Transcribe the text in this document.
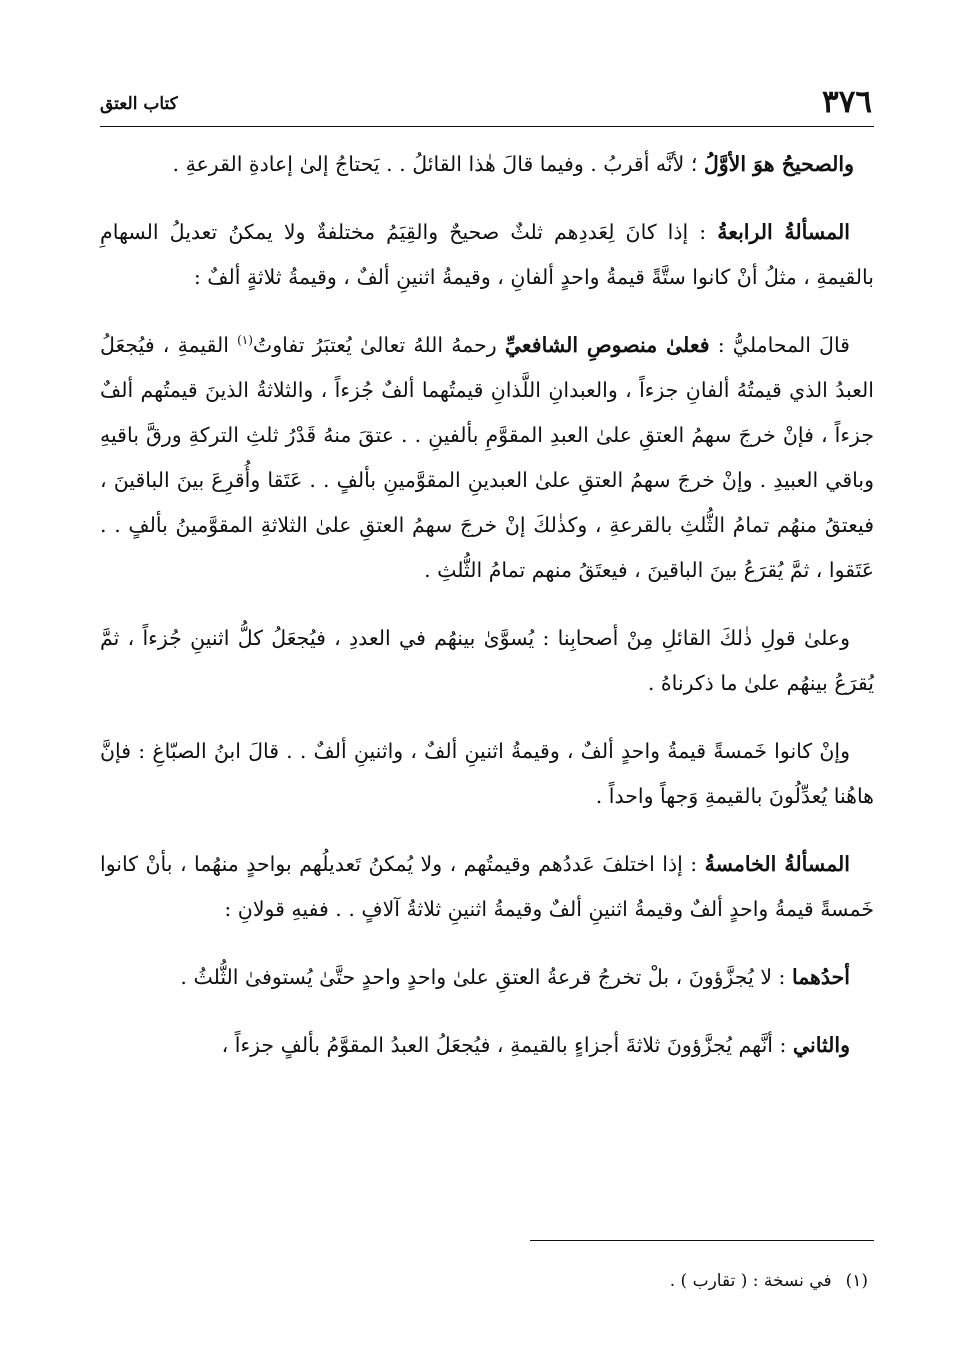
٣٧٦
كتاب العتق

والصحيحُ هوَ الأوَّلُ ؛ لأنَّه أقربُ . وفيما قالَ هٰذا القائلُ . . يَحتاجُ إلىٰ إعادةِ القرعةِ .

المسألةُ الرابعةُ : إذا كانَ لِعَددِهم ثلثٌ صحيحٌ والقِيَمُ مختلفةٌ ولا يمكنُ تعديلُ السهامِ بالقيمةِ ، مثلُ أنْ كانوا ستَّةً قيمةُ واحدٍ ألفانِ ، وقيمةُ اثنينِ ألفٌ ، وقيمةُ ثلاثةٍ ألفٌ :

قالَ المحامليُّ : فعلىٰ منصوصِ الشافعيِّ رحمهُ اللهُ تعالىٰ يُعتبَرُ تفاوتُ$^{(١)}$ القيمةِ ، فيُجعَلُ العبدُ الذي قيمتُهُ ألفانِ جزءاً ، والعبدانِ اللَّذانِ قيمتُهما ألفٌ جُزءاً ، والثلاثةُ الذينَ قيمتُهم ألفٌ جزءاً ، فإنْ خرجَ سهمُ العتقِ علىٰ العبدِ المقوَّمِ بألفينِ . . عتقَ منهُ قَدْرُ ثلثِ التركةِ ورقَّ باقيهِ وباقي العبيدِ . وإنْ خرجَ سهمُ العتقِ علىٰ العبدينِ المقوَّمينِ بألفٍ . . عَتَقا وأُقرِعَ بينَ الباقينَ ، فيعتقُ منهُم تمامُ الثُّلثِ بالقرعةِ ، وكذٰلكَ إنْ خرجَ سهمُ العتقِ علىٰ الثلاثةِ المقوَّمينُ بألفٍ . . عَتَقوا ، ثمَّ يُقرَعُ بينَ الباقينَ ، فيعتَقُ منهم تمامُ الثُّلثِ .

وعلىٰ قولِ ذٰلكَ القائلِ مِنْ أصحابِنا : يُسوَّىٰ بينهُم في العددِ ، فيُجعَلُ كلُّ اثنينِ جُزءاً ، ثمَّ يُقرَعُ بينهُم علىٰ ما ذكرناهُ .

وإنْ كانوا خَمسةً قيمةُ واحدٍ ألفٌ ، وقيمةُ اثنينِ ألفٌ ، واثنينِ ألفٌ . . قالَ ابنُ الصبّاغِ : فإنَّ هاهُنا يُعدِّلُونَ بالقيمةِ وَجهاً واحداً .

المسألةُ الخامسةُ : إذا اختلفَ عَددُهم وقيمتُهم ، ولا يُمكنُ تَعديلُهم بواحدٍ منهُما ، بأنْ كانوا خَمسةً قيمةُ واحدٍ ألفٌ وقيمةُ اثنينِ ألفٌ وقيمةُ اثنينِ ثلاثةُ آلافٍ . . ففيهِ قولانِ :

أحدُهما : لا يُجزَّؤونَ ، بلْ تخرجُ قرعةُ العتقِ علىٰ واحدٍ واحدٍ حتَّىٰ يُستوفىٰ الثُّلثُ .

والثاني : أنَّهم يُجزَّؤونَ ثلاثةَ أجزاءٍ بالقيمةِ ، فيُجعَلُ العبدُ المقوَّمُ بألفٍ جزءاً ،

(١)في نسخة : ( تقارب ) .
